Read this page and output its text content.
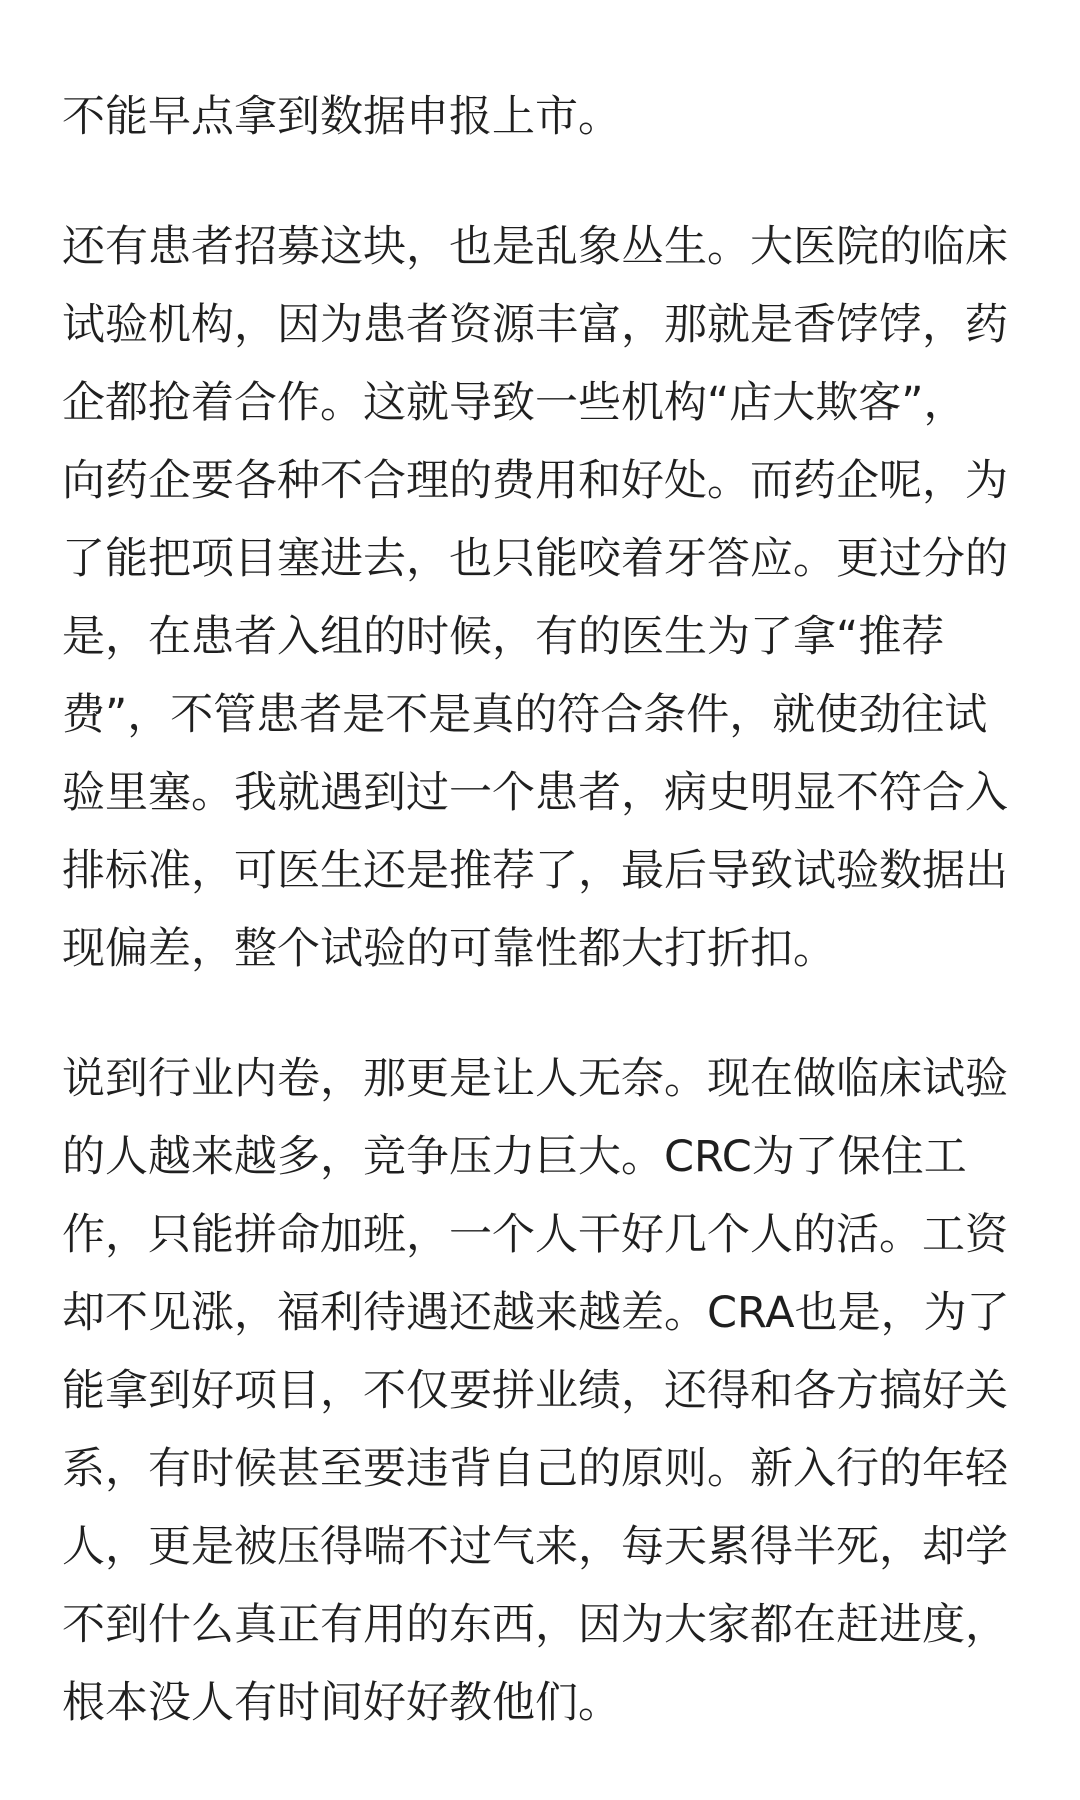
不能早点拿到数据申报上市。
还有患者招募这块，也是乱象丛生。大医院的临床
试验机构，因为患者资源丰富，那就是香饽饽，药
企都抢着合作。这就导致一些机构“店大欺客”，
向药企要各种不合理的费用和好处。而药企呢，为
了能把项目塞进去，也只能咬着牙答应。更过分的
是，在患者入组的时候，有的医生为了拿“推荐
费”，不管患者是不是真的符合条件，就使劲往试
验里塞。我就遇到过一个患者，病史明显不符合入
排标准，可医生还是推荐了，最后导致试验数据出
现偏差，整个试验的可靠性都大打折扣。
说到行业内卷，那更是让人无奈。现在做临床试验
的人越来越多，竞争压力巨大。CRC为了保住工
作，只能拼命加班，一个人干好几个人的活。工资
却不见涨，福利待遇还越来越差。CRA也是，为了
能拿到好项目，不仅要拼业绩，还得和各方搞好关
系，有时候甚至要违背自己的原则。新入行的年轻
人，更是被压得喘不过气来，每天累得半死，却学
不到什么真正有用的东西，因为大家都在赶进度，
根本没人有时间好好教他们。
